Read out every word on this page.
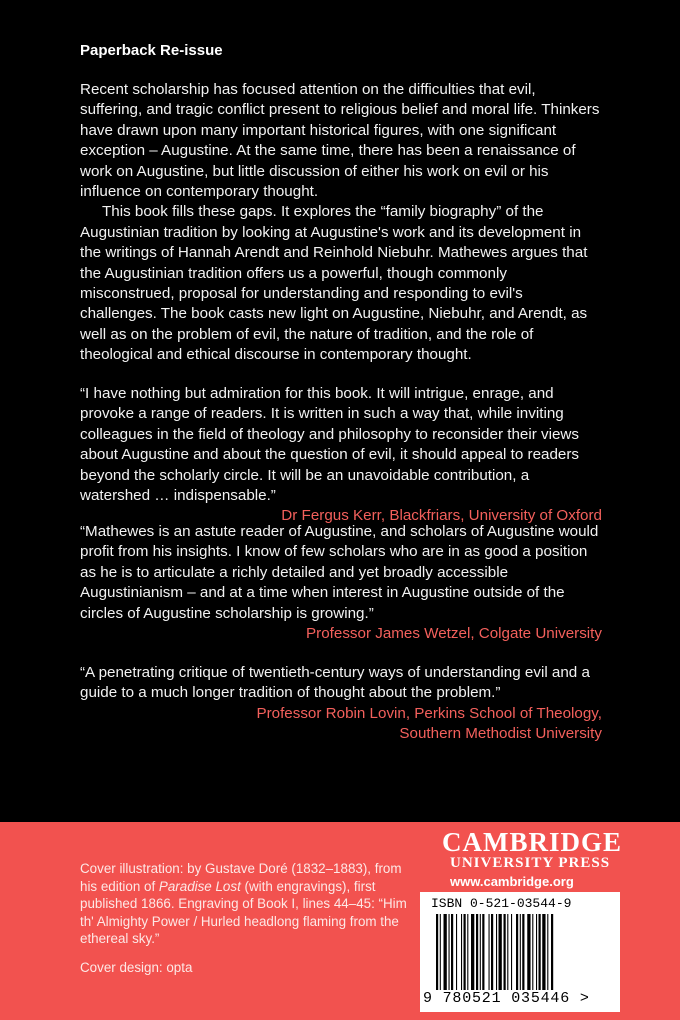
Paperback Re-issue

Recent scholarship has focused attention on the difficulties that evil, suffering, and tragic conflict present to religious belief and moral life. Thinkers have drawn upon many important historical figures, with one significant exception – Augustine. At the same time, there has been a renaissance of work on Augustine, but little discussion of either his work on evil or his influence on contemporary thought.

This book fills these gaps. It explores the “family biography” of the Augustinian tradition by looking at Augustine's work and its development in the writings of Hannah Arendt and Reinhold Niebuhr. Mathewes argues that the Augustinian tradition offers us a powerful, though commonly misconstrued, proposal for understanding and responding to evil's challenges. The book casts new light on Augustine, Niebuhr, and Arendt, as well as on the problem of evil, the nature of tradition, and the role of theological and ethical discourse in contemporary thought.

“I have nothing but admiration for this book. It will intrigue, enrage, and provoke a range of readers. It is written in such a way that, while inviting colleagues in the field of theology and philosophy to reconsider their views about Augustine and about the question of evil, it should appeal to readers beyond the scholarly circle. It will be an unavoidable contribution, a watershed … indispensable.”
Dr Fergus Kerr, Blackfriars, University of Oxford
“Mathewes is an astute reader of Augustine, and scholars of Augustine would profit from his insights. I know of few scholars who are in as good a position as he is to articulate a richly detailed and yet broadly accessible Augustinianism – and at a time when interest in Augustine outside of the circles of Augustine scholarship is growing.”
Professor James Wetzel, Colgate University
“A penetrating critique of twentieth-century ways of understanding evil and a guide to a much longer tradition of thought about the problem.”
Professor Robin Lovin, Perkins School of Theology,
Southern Methodist University
Cover illustration: by Gustave Doré (1832–1883), from his edition of Paradise Lost (with engravings), first published 1866. Engraving of Book I, lines 44–45: “Him th' Almighty Power / Hurled headlong flaming from the ethereal sky.”
Cover design: opta
CAMBRIDGE
UNIVERSITY PRESS
www.cambridge.org
ISBN 0-521-03544-9
9 780521 035446 >
